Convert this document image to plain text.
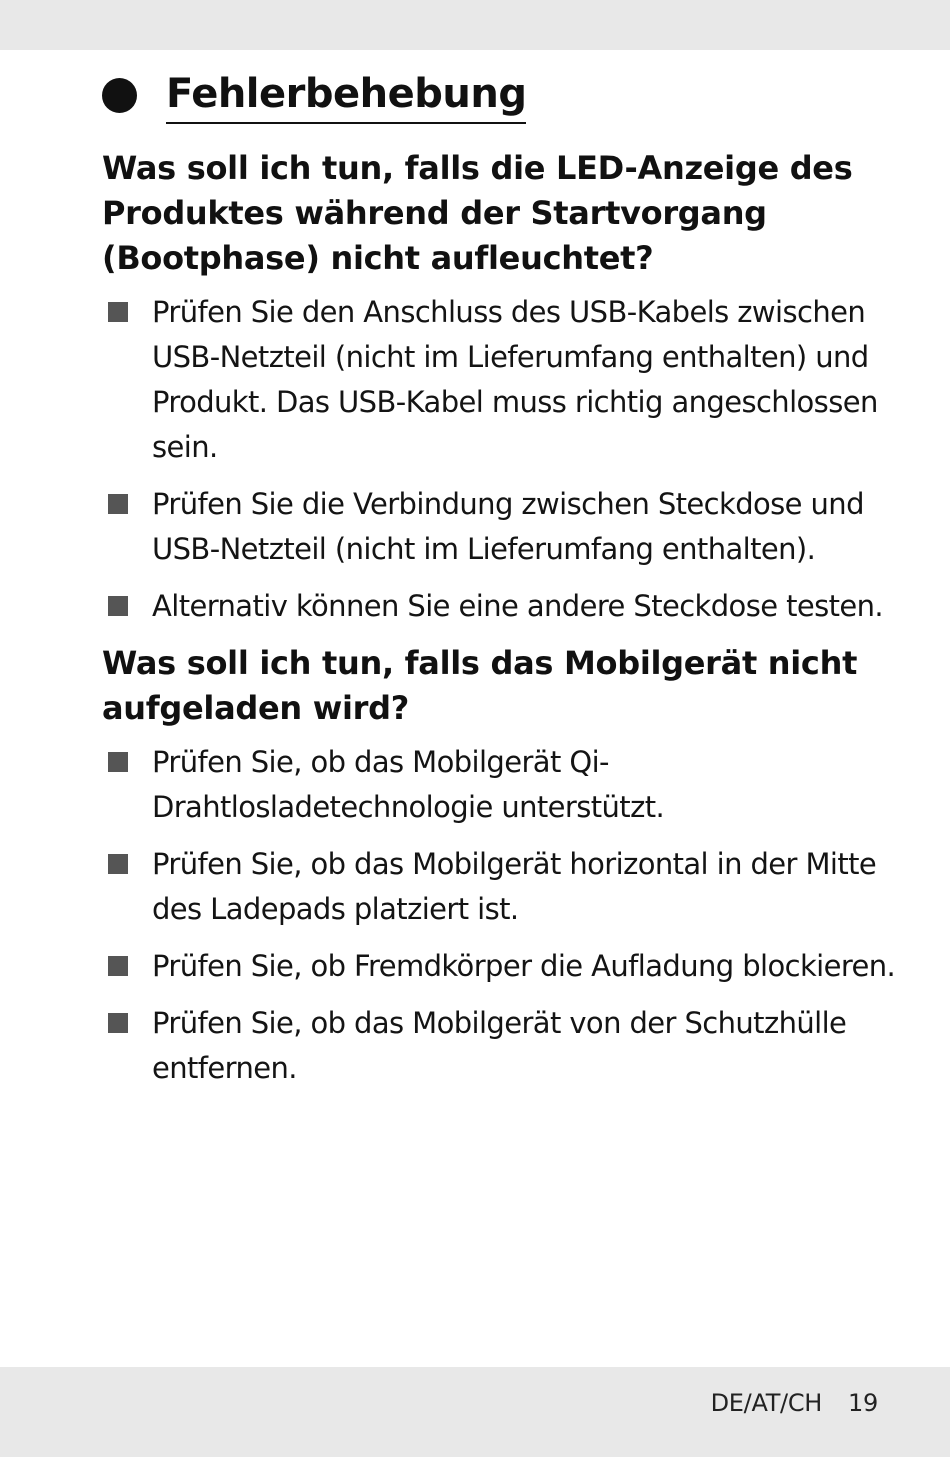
Fehlerbehebung
Was soll ich tun, falls die LED-Anzeige des Produktes während der Startvorgang (Bootphase) nicht aufleuchtet?
Prüfen Sie den Anschluss des USB-Kabels zwischen USB-Netzteil (nicht im Lieferumfang enthalten) und Produkt. Das USB-Kabel muss richtig angeschlossen sein.
Prüfen Sie die Verbindung zwischen Steckdose und USB-Netzteil (nicht im Lieferumfang enthalten).
Alternativ können Sie eine andere Steckdose testen.
Was soll ich tun, falls das Mobilgerät nicht aufgeladen wird?
Prüfen Sie, ob das Mobilgerät Qi-Drahtlosladetechnologie unterstützt.
Prüfen Sie, ob das Mobilgerät horizontal in der Mitte des Ladepads platziert ist.
Prüfen Sie, ob Fremdkörper die Aufladung blockieren.
Prüfen Sie, ob das Mobilgerät von der Schutzhülle entfernen.
DE/AT/CH 19
